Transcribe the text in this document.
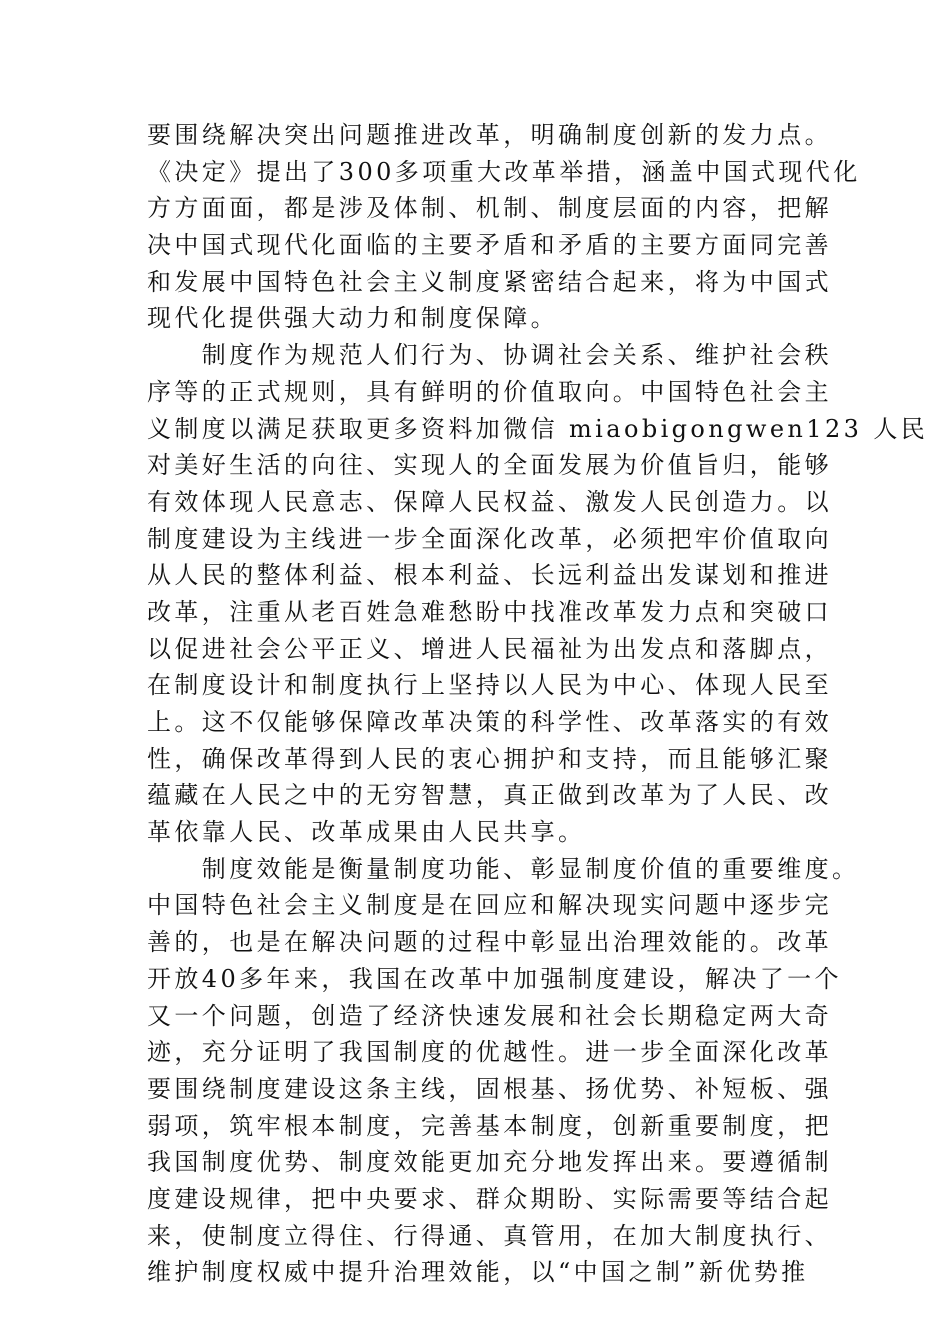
要围绕解决突出问题推进改革，明确制度创新的发力点。
《决定》提出了300多项重大改革举措，涵盖中国式现代化
方方面面，都是涉及体制、机制、制度层面的内容，把解
决中国式现代化面临的主要矛盾和矛盾的主要方面同完善
和发展中国特色社会主义制度紧密结合起来，将为中国式
现代化提供强大动力和制度保障。
　　制度作为规范人们行为、协调社会关系、维护社会秩
序等的正式规则，具有鲜明的价值取向。中国特色社会主
义制度以满足获取更多资料加微信 miaobigongwen123 人民
对美好生活的向往、实现人的全面发展为价值旨归，能够
有效体现人民意志、保障人民权益、激发人民创造力。以
制度建设为主线进一步全面深化改革，必须把牢价值取向
从人民的整体利益、根本利益、长远利益出发谋划和推进
改革，注重从老百姓急难愁盼中找准改革发力点和突破口
以促进社会公平正义、增进人民福祉为出发点和落脚点，
在制度设计和制度执行上坚持以人民为中心、体现人民至
上。这不仅能够保障改革决策的科学性、改革落实的有效
性，确保改革得到人民的衷心拥护和支持，而且能够汇聚
蕴藏在人民之中的无穷智慧，真正做到改革为了人民、改
革依靠人民、改革成果由人民共享。
　　制度效能是衡量制度功能、彰显制度价值的重要维度。
中国特色社会主义制度是在回应和解决现实问题中逐步完
善的，也是在解决问题的过程中彰显出治理效能的。改革
开放40多年来，我国在改革中加强制度建设，解决了一个
又一个问题，创造了经济快速发展和社会长期稳定两大奇
迹，充分证明了我国制度的优越性。进一步全面深化改革
要围绕制度建设这条主线，固根基、扬优势、补短板、强
弱项，筑牢根本制度，完善基本制度，创新重要制度，把
我国制度优势、制度效能更加充分地发挥出来。要遵循制
度建设规律，把中央要求、群众期盼、实际需要等结合起
来，使制度立得住、行得通、真管用，在加大制度执行、
维护制度权威中提升治理效能，以“中国之制”新优势推
